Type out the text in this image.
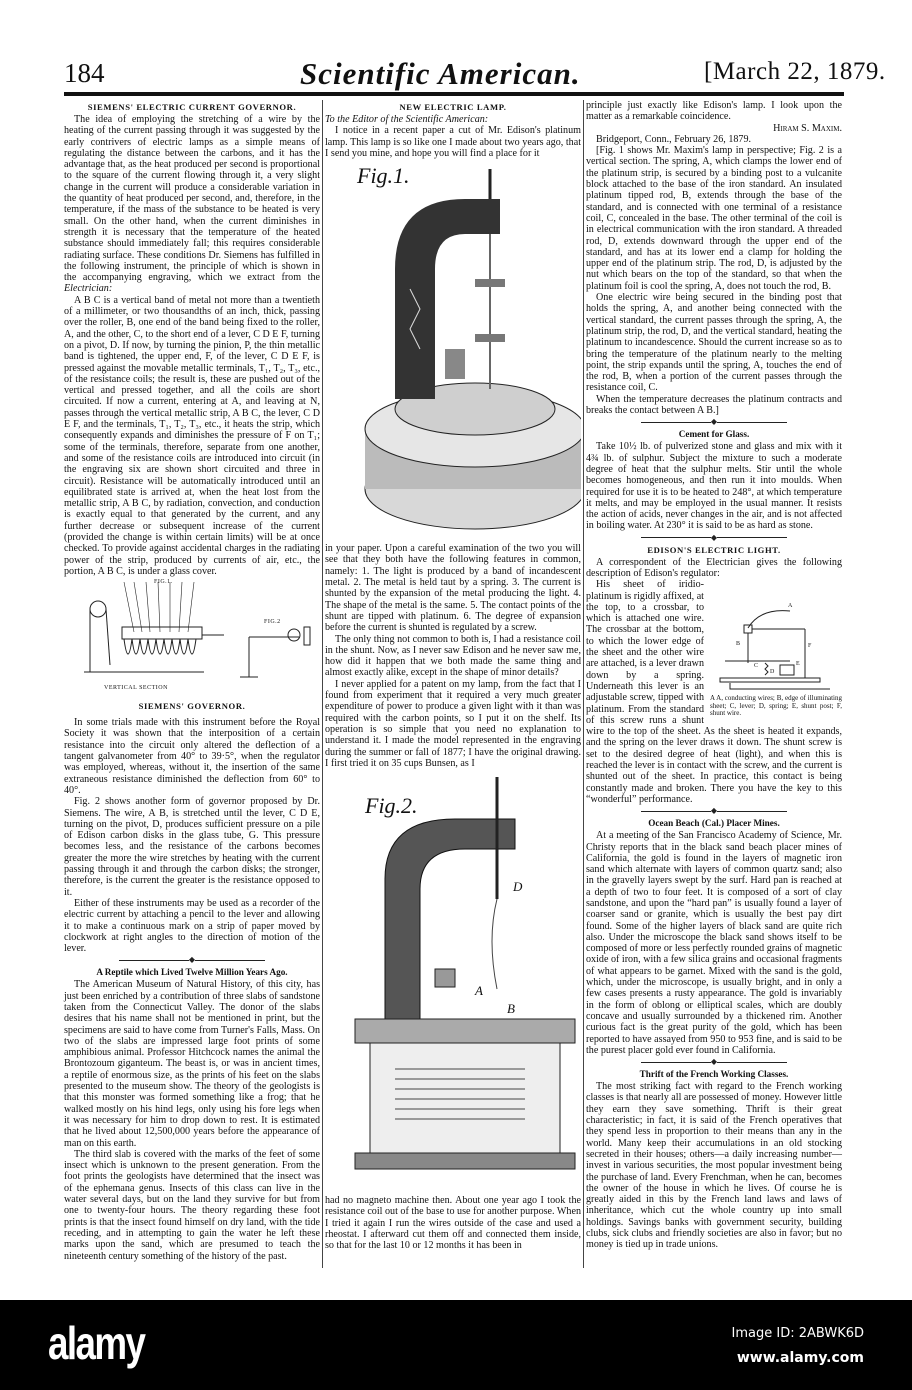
184	Scientific American.	[March 22, 1879.
SIEMENS' ELECTRIC CURRENT GOVERNOR.

The idea of employing the stretching of a wire by the heating of the current passing through it was suggested by the early contrivers of electric lamps as a simple means of regulating the distance between the carbons, and it has the advantage that, as the heat produced per second is proportional to the square of the current flowing through it, a very slight change in the current will produce a considerable variation in the quantity of heat produced per second, and, therefore, in the temperature, if the mass of the substance to be heated is very small. On the other hand, when the current diminishes in strength it is necessary that the temperature of the heated substance should immediately fall; this requires considerable radiating surface. These conditions Dr. Siemens has fulfilled in the following instrument, the principle of which is shown in the accompanying engraving, which we extract from the Electrician:

A B C is a vertical band of metal not more than a twentieth of a millimeter, or two thousandths of an inch, thick, passing over the roller, B, one end of the band being fixed to the roller, A, and the other, C, to the short end of a lever, C D E F, turning on a pivot, D. If now, by turning the pinion, P, the thin metallic band is tightened, the upper end, F, of the lever, C D E F, is pressed against the movable metallic terminals, T₁, T₂, T₃, etc., of the resistance coils; the result is, these are pushed out of the vertical and pressed together, and all the coils are short circuited. If now a current, entering at A, and leaving at N, passes through the vertical metallic strip, A B C, the lever, C D E F, and the terminals, T₁, T₂, T₃, etc., it heats the strip, which consequently expands and diminishes the pressure of F on T₁; some of the terminals, therefore, separate from one another, and some of the resistance coils are introduced into circuit (in the engraving six are shown short circuited and three in circuit). Resistance will be automatically introduced until an equilibrated state is arrived at, when the heat lost from the metallic strip, A B C, by radiation, convection, and conduction is exactly equal to that generated by the current, and any further decrease or subsequent increase of the current (provided the change is within certain limits) will be at once checked. To provide against accidental charges in the radiating power of the strip, produced by currents of air, etc., the portion, A B C, is under a glass cover.

FIG.1.
FIG.2
VERTICAL SECTION
SIEMENS' GOVERNOR.

In some trials made with this instrument before the Royal Society it was shown that the interposition of a certain resistance into the circuit only altered the deflection of a tangent galvanometer from 40° to 39·5°, when the regulator was employed, whereas, without it, the insertion of the same extraneous resistance diminished the deflection from 60° to 40°.

Fig. 2 shows another form of governor proposed by Dr. Siemens. The wire, A B, is stretched until the lever, C D E, turning on the pivot, D, produces sufficient pressure on a pile of Edison carbon disks in the glass tube, G. This pressure becomes less, and the resistance of the carbons becomes greater the more the wire stretches by heating with the current passing through it and through the carbon disks; the stronger, therefore, is the current the greater is the resistance opposed to it.

Either of these instruments may be used as a recorder of the electric current by attaching a pencil to the lever and allowing it to make a continuous mark on a strip of paper moved by clockwork at right angles to the direction of motion of the lever.

◆
A Reptile which Lived Twelve Million Years Ago.

The American Museum of Natural History, of this city, has just been enriched by a contribution of three slabs of sandstone taken from the Connecticut Valley. The donor of the slabs desires that his name shall not be mentioned in print, but the specimens are said to have come from Turner's Falls, Mass. On two of the slabs are impressed large foot prints of some amphibious animal. Professor Hitchcock names the animal the Brontozoum giganteum. The beast is, or was in ancient times, a reptile of enormous size, as the prints of his feet on the slabs presented to the museum show. The theory of the geologists is that this monster was formed something like a frog; that he walked mostly on his hind legs, only using his fore legs when it was necessary for him to drop down to rest. It is estimated that he lived about 12,500,000 years before the appearance of man on this earth.

The third slab is covered with the marks of the feet of some insect which is unknown to the present generation. From the foot prints the geologists have determined that the insect was of the ephemana genus. Insects of this class can live in the water several days, but on the land they survive for but from one to twenty-four hours. The theory regarding these foot prints is that the insect found himself on dry land, with the tide receding, and in attempting to gain the water he left these marks upon the sand, which are presumed to teach the nineteenth century something of the history of the past.

NEW ELECTRIC LAMP.

To the Editor of the Scientific American:

I notice in a recent paper a cut of Mr. Edison's platinum lamp. This lamp is so like one I made about two years ago, that I send you mine, and hope you will find a place for it

Fig.1.

in your paper. Upon a careful examination of the two you will see that they both have the following features in common, namely: 1. The light is produced by a band of incandescent metal. 2. The metal is held taut by a spring. 3. The current is shunted by the expansion of the metal producing the light. 4. The shape of the metal is the same. 5. The contact points of the shunt are tipped with platinum. 6. The degree of expansion before the current is shunted is regulated by a screw.

The only thing not common to both is, I had a resistance coil in the shunt. Now, as I never saw Edison and he never saw me, how did it happen that we both made the same thing and almost exactly alike, except in the shape of minor details?

I never applied for a patent on my lamp, from the fact that I found from experiment that it required a very much greater expenditure of power to produce a given light with it than was required with the carbon points, so I put it on the shelf. Its operation is so simple that you need no explanation to understand it. I made the model represented in the engraving during the summer or fall of 1877; I have the original drawing. I first tried it on 35 cups Bunsen, as I

Fig.2.
D
A
B

had no magneto machine then. About one year ago I took the resistance coil out of the base to use for another purpose. When I tried it again I run the wires outside of the case and used a rheostat. I afterward cut them off and connected them inside, so that for the last 10 or 12 months it has been in

principle just exactly like Edison's lamp. I look upon the matter as a remarkable coincidence.

Hiram S. Maxim.

Bridgeport, Conn., February 26, 1879.

[Fig. 1 shows Mr. Maxim's lamp in perspective; Fig. 2 is a vertical section. The spring, A, which clamps the lower end of the platinum strip, is secured by a binding post to a vulcanite block attached to the base of the iron standard. An insulated platinum tipped rod, B, extends through the base of the standard, and is connected with one terminal of a resistance coil, C, concealed in the base. The other terminal of the coil is in electrical communication with the iron standard. A threaded rod, D, extends downward through the upper end of the standard, and has at its lower end a clamp for holding the upper end of the platinum strip. The rod, D, is adjusted by the nut which bears on the top of the standard, so that when the platinum foil is cool the spring, A, does not touch the rod, B.

One electric wire being secured in the binding post that holds the spring, A, and another being connected with the vertical standard, the current passes through the spring, A, the platinum strip, the rod, D, and the vertical standard, heating the platinum to incandescence. Should the current increase so as to bring the temperature of the platinum nearly to the melting point, the strip expands until the spring, A, touches the end of the rod, B, when a portion of the current passes through the resistance coil, C.

When the temperature decreases the platinum contracts and breaks the contact between A B.]

◆
Cement for Glass.

Take 10½ lb. of pulverized stone and glass and mix with it 4¾ lb. of sulphur. Subject the mixture to such a moderate degree of heat that the sulphur melts. Stir until the whole becomes homogeneous, and then run it into moulds. When required for use it is to be heated to 248°, at which temperature it melts, and may be employed in the usual manner. It resists the action of acids, never changes in the air, and is not affected in boiling water. At 230° it is said to be as hard as stone.

◆
EDISON'S ELECTRIC LIGHT.

A correspondent of the Electrician gives the following description of Edison's regulator:

A
B	F
C
D
E
A A, conducting wires; B, edge of illuminating sheet; C, lever; D, spring; E, shunt post; F, shunt wire.

His sheet of iridio-platinum is rigidly affixed, at the top, to a crossbar, to which is attached one wire. The crossbar at the bottom, to which the lower edge of the sheet and the other wire are attached, is a lever drawn down by a spring. Underneath this lever is an adjustable screw, tipped with platinum. From the standard of this screw runs a shunt wire to the top of the sheet. As the sheet is heated it expands, and the spring on the lever draws it down. The shunt screw is set to the desired degree of heat (light), and when this is reached the lever is in contact with the screw, and the current is shunted out of the sheet. In practice, this contact is being constantly made and broken. There you have the key to this “wonderful” performance.

◆
Ocean Beach (Cal.) Placer Mines.

At a meeting of the San Francisco Academy of Science, Mr. Christy reports that in the black sand beach placer mines of California, the gold is found in the layers of magnetic iron sand which alternate with layers of common quartz sand; also in the gravelly layers swept by the surf. Hard pan is reached at a depth of two to four feet. It is composed of a sort of clay sandstone, and upon the “hard pan” is usually found a layer of coarser sand or granite, which is usually the best pay dirt found. Some of the higher layers of black sand are quite rich also. Under the microscope the black sand shows itself to be composed of more or less perfectly rounded grains of magnetic oxide of iron, with a few silica grains and occasional fragments of what appears to be garnet. Mixed with the sand is the gold, which, under the microscope, is usually bright, and in only a few cases presents a rusty appearance. The gold is invariably in the form of oblong or elliptical scales, which are doubly concave and usually surrounded by a thickened rim. Another curious fact is the great purity of the gold, which has been reported to have assayed from 950 to 953 fine, and is said to be the purest placer gold ever found in California.

◆
Thrift of the French Working Classes.

The most striking fact with regard to the French working classes is that nearly all are possessed of money. However little they earn they save something. Thrift is their great characteristic; in fact, it is said of the French operatives that they spend less in proportion to their means than any in the world. Many keep their accumulations in an old stocking secreted in their houses; others—a daily increasing number—invest in various securities, the most popular investment being the purchase of land. Every Frenchman, when he can, becomes the owner of the house in which he lives. Of course he is greatly aided in this by the French land laws and laws of inheritance, which cut the whole country up into small holdings. Savings banks with government security, building clubs, sick clubs and friendly societies are also in favor; but no money is tied up in trade unions.

alamy	Image ID: 2ABWK6D
www.alamy.com
